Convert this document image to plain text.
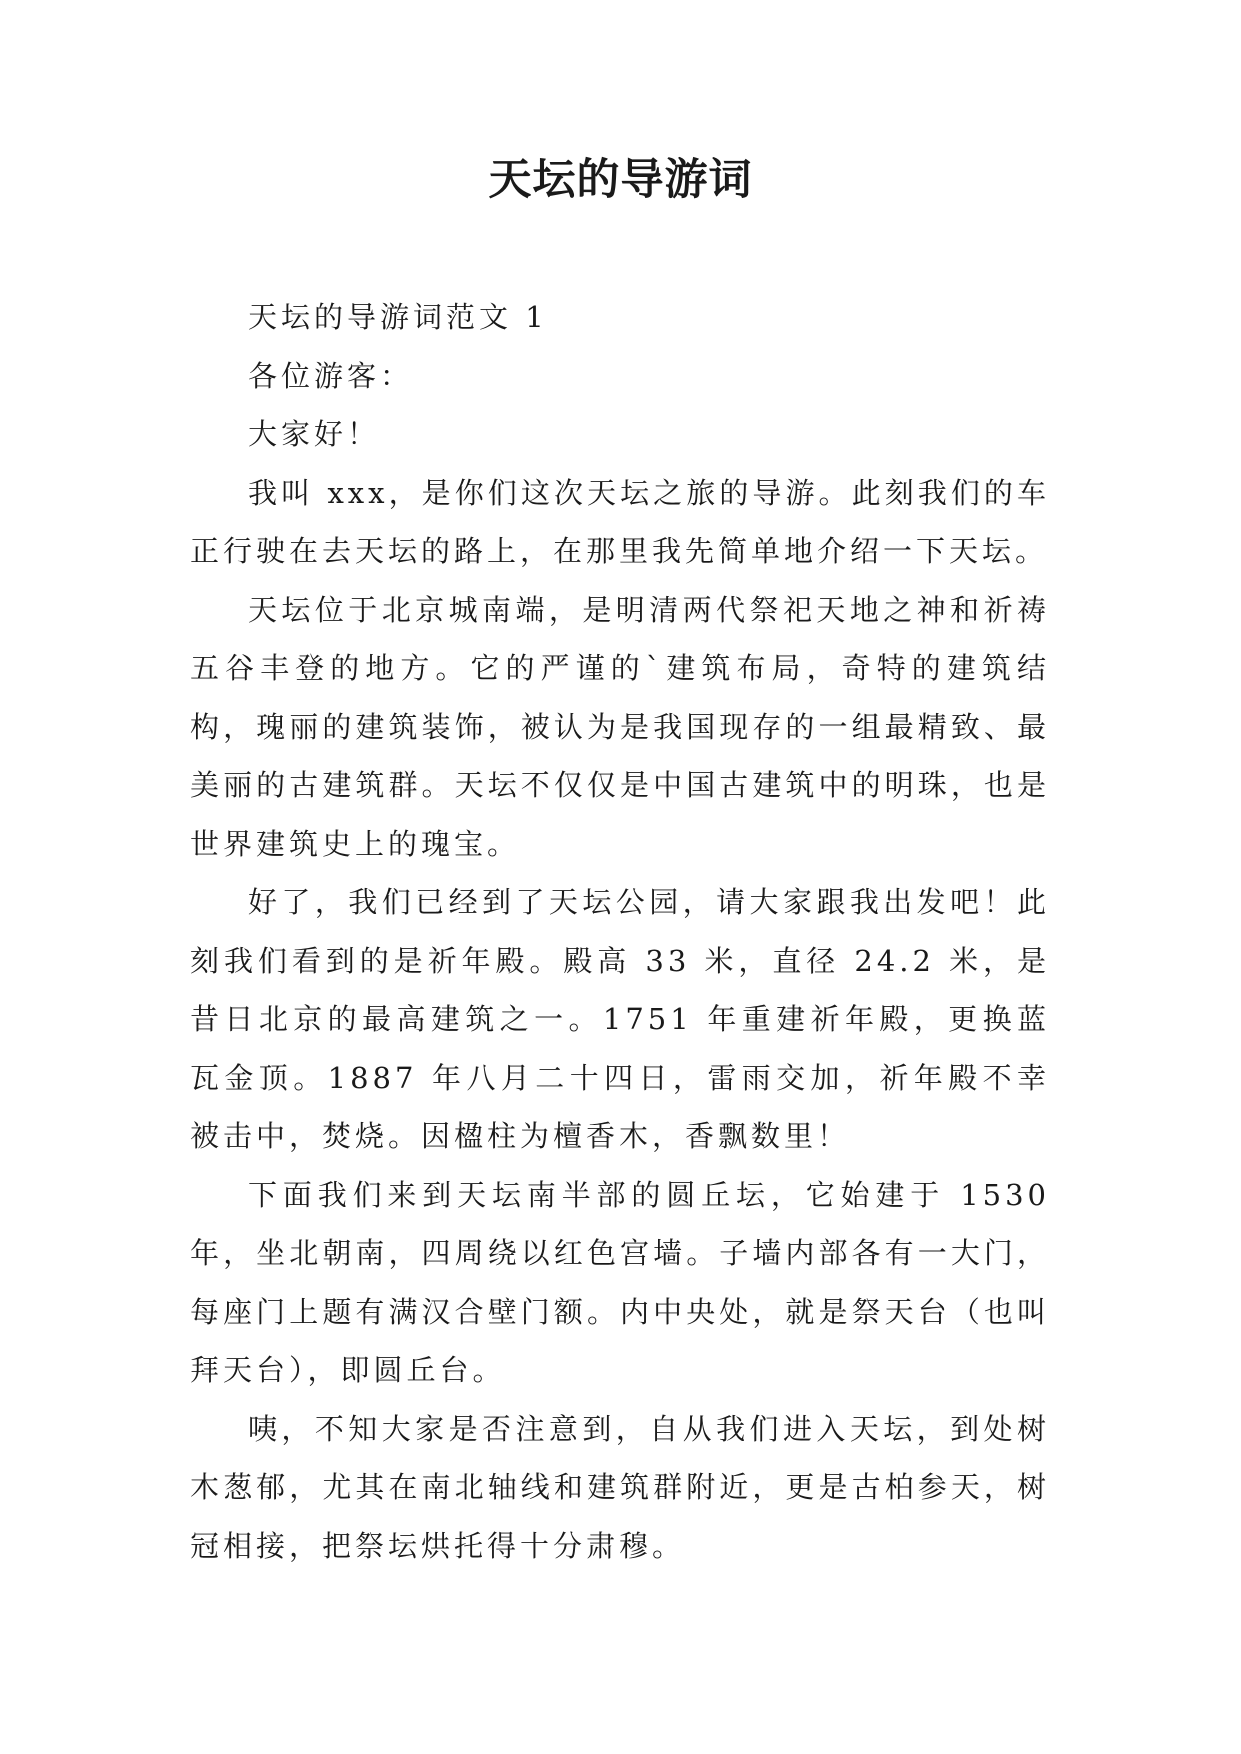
天坛的导游词

天坛的导游词范文 1

各位游客：

大家好！

我叫 xxx，是你们这次天坛之旅的导游。此刻我们的车正行驶在去天坛的路上，在那里我先简单地介绍一下天坛。

天坛位于北京城南端，是明清两代祭祀天地之神和祈祷五谷丰登的地方。它的严谨的`建筑布局，奇特的建筑结构，瑰丽的建筑装饰，被认为是我国现存的一组最精致、最美丽的古建筑群。天坛不仅仅是中国古建筑中的明珠，也是世界建筑史上的瑰宝。

好了，我们已经到了天坛公园，请大家跟我出发吧！此刻我们看到的是祈年殿。殿高 33 米，直径 24.2 米，是昔日北京的最高建筑之一。1751 年重建祈年殿，更换蓝瓦金顶。1887 年八月二十四日，雷雨交加，祈年殿不幸被击中，焚烧。因楹柱为檀香木，香飘数里！

下面我们来到天坛南半部的圆丘坛，它始建于 1530 年，坐北朝南，四周绕以红色宫墙。子墙内部各有一大门，每座门上题有满汉合壁门额。内中央处，就是祭天台（也叫拜天台），即圆丘台。

咦，不知大家是否注意到，自从我们进入天坛，到处树木葱郁，尤其在南北轴线和建筑群附近，更是古柏参天，树冠相接，把祭坛烘托得十分肃穆。
